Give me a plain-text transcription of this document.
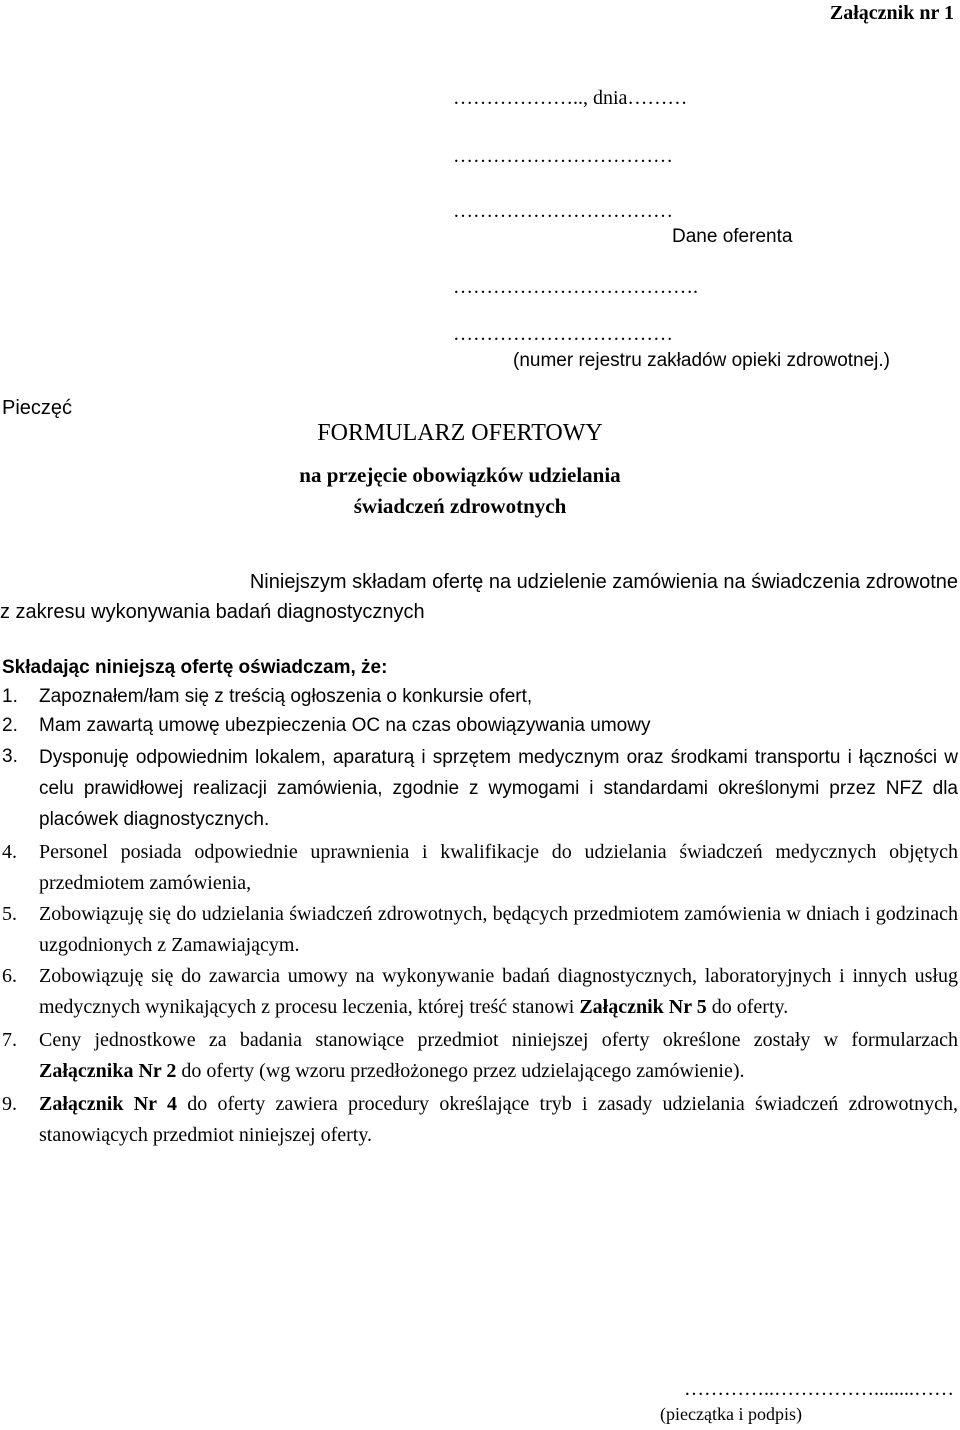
Załącznik nr 1
……………….., dnia………
……………………………
……………………………
Dane oferenta
……………………………….
……………………………
(numer rejestru zakładów opieki zdrowotnej.)
Pieczęć
FORMULARZ OFERTOWY
na przejęcie obowiązków udzielania
świadczeń zdrowotnych
Niniejszym składam ofertę na udzielenie zamówienia na świadczenia zdrowotne
z zakresu wykonywania badań diagnostycznych
Składając niniejszą ofertę oświadczam, że:
1. Zapoznałem/łam się z treścią ogłoszenia o konkursie ofert,
2. Mam zawartą umowę ubezpieczenia OC na czas obowiązywania umowy
3. Dysponuję odpowiednim lokalem, aparaturą i sprzętem medycznym oraz środkami transportu i łączności w celu prawidłowej realizacji zamówienia, zgodnie z wymogami i standardami określonymi przez NFZ dla placówek diagnostycznych.
4. Personel posiada odpowiednie uprawnienia i kwalifikacje do udzielania świadczeń medycznych objętych przedmiotem zamówienia,
5. Zobowiązuję się do udzielania świadczeń zdrowotnych, będących przedmiotem zamówienia w dniach i godzinach uzgodnionych z Zamawiającym.
6. Zobowiązuję się do zawarcia umowy na wykonywanie badań diagnostycznych, laboratoryjnych i innych usług medycznych wynikających z procesu leczenia, której treść stanowi Załącznik Nr 5 do oferty.
7. Ceny jednostkowe za badania stanowiące przedmiot niniejszej oferty określone zostały w formularzach Załącznika Nr 2 do oferty (wg wzoru przedłożonego przez udzielającego zamówienie).
9. Załącznik Nr 4 do oferty zawiera procedury określające tryb i zasady udzielania świadczeń zdrowotnych, stanowiących przedmiot niniejszej oferty.
…………..……………........……
(pieczątka i podpis)
